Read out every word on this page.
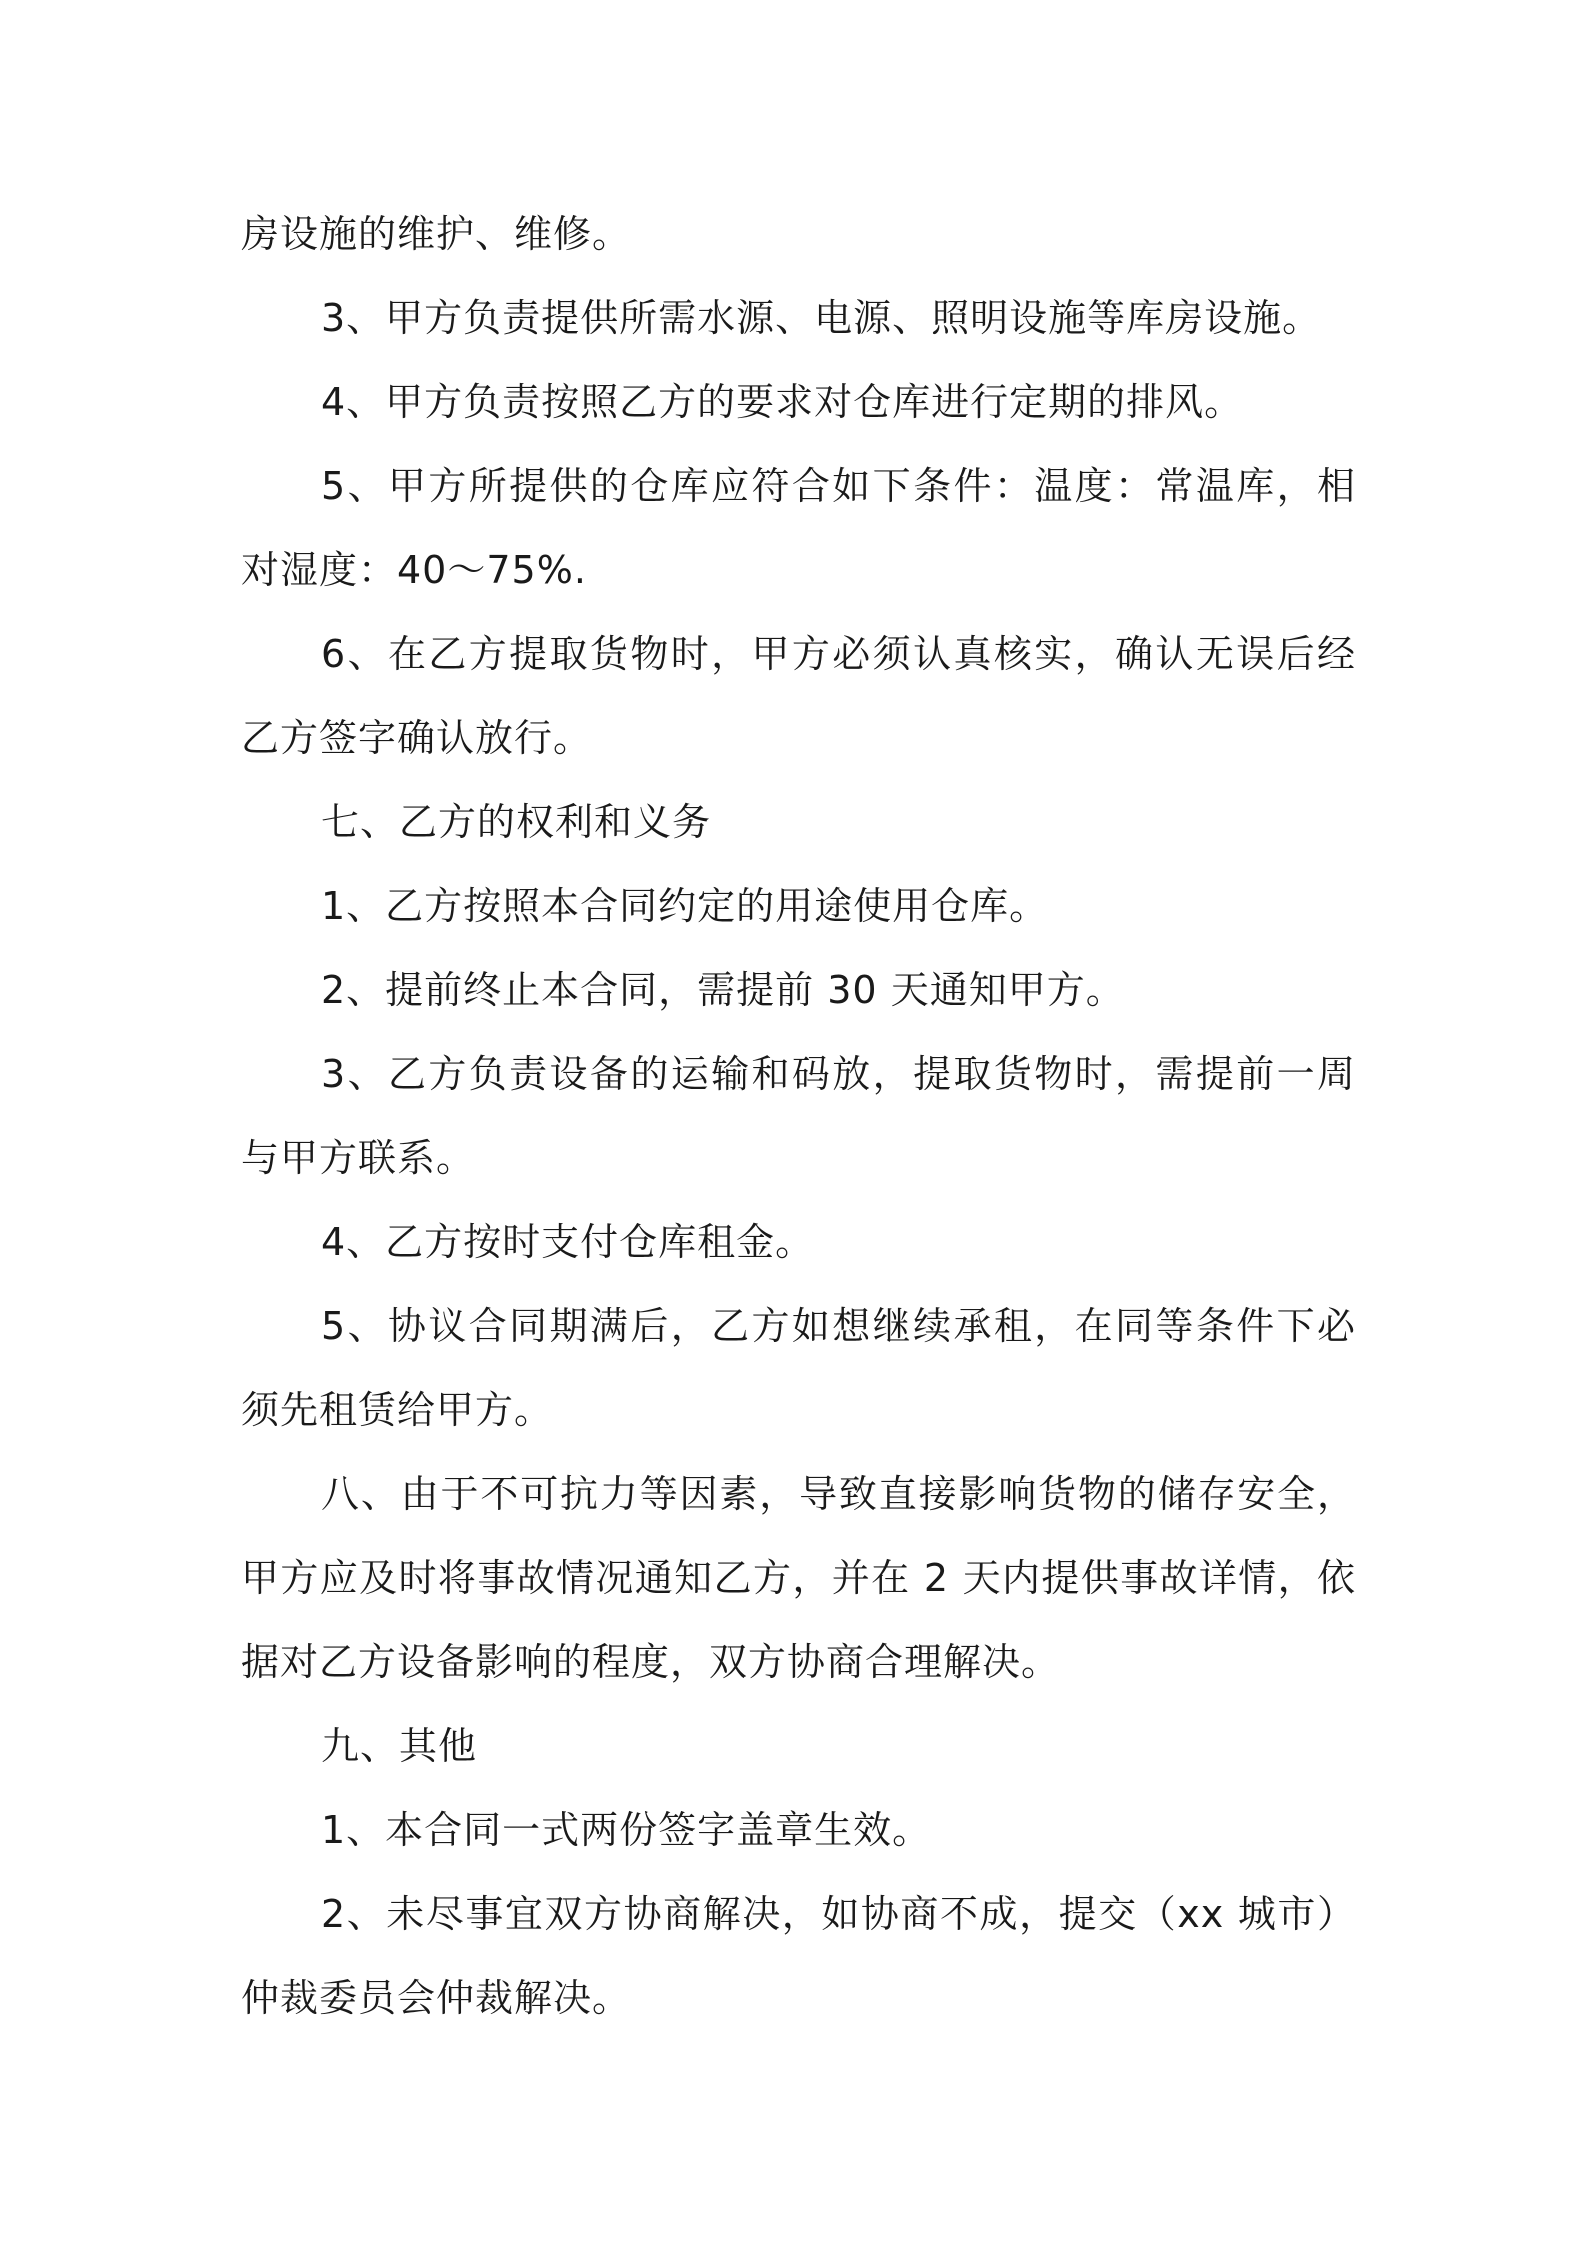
房设施的维护、维修。

3、甲方负责提供所需水源、电源、照明设施等库房设施。

4、甲方负责按照乙方的要求对仓库进行定期的排风。

5、甲方所提供的仓库应符合如下条件：温度：常温库，相对湿度：40～75%.

6、在乙方提取货物时，甲方必须认真核实，确认无误后经乙方签字确认放行。

七、乙方的权利和义务

1、乙方按照本合同约定的用途使用仓库。

2、提前终止本合同，需提前 30 天通知甲方。

3、乙方负责设备的运输和码放，提取货物时，需提前一周与甲方联系。

4、乙方按时支付仓库租金。

5、协议合同期满后，乙方如想继续承租，在同等条件下必须先租赁给甲方。

八、由于不可抗力等因素，导致直接影响货物的储存安全，甲方应及时将事故情况通知乙方，并在 2 天内提供事故详情，依据对乙方设备影响的程度，双方协商合理解决。

九、其他

1、本合同一式两份签字盖章生效。

2、未尽事宜双方协商解决，如协商不成，提交（xx 城市）仲裁委员会仲裁解决。
